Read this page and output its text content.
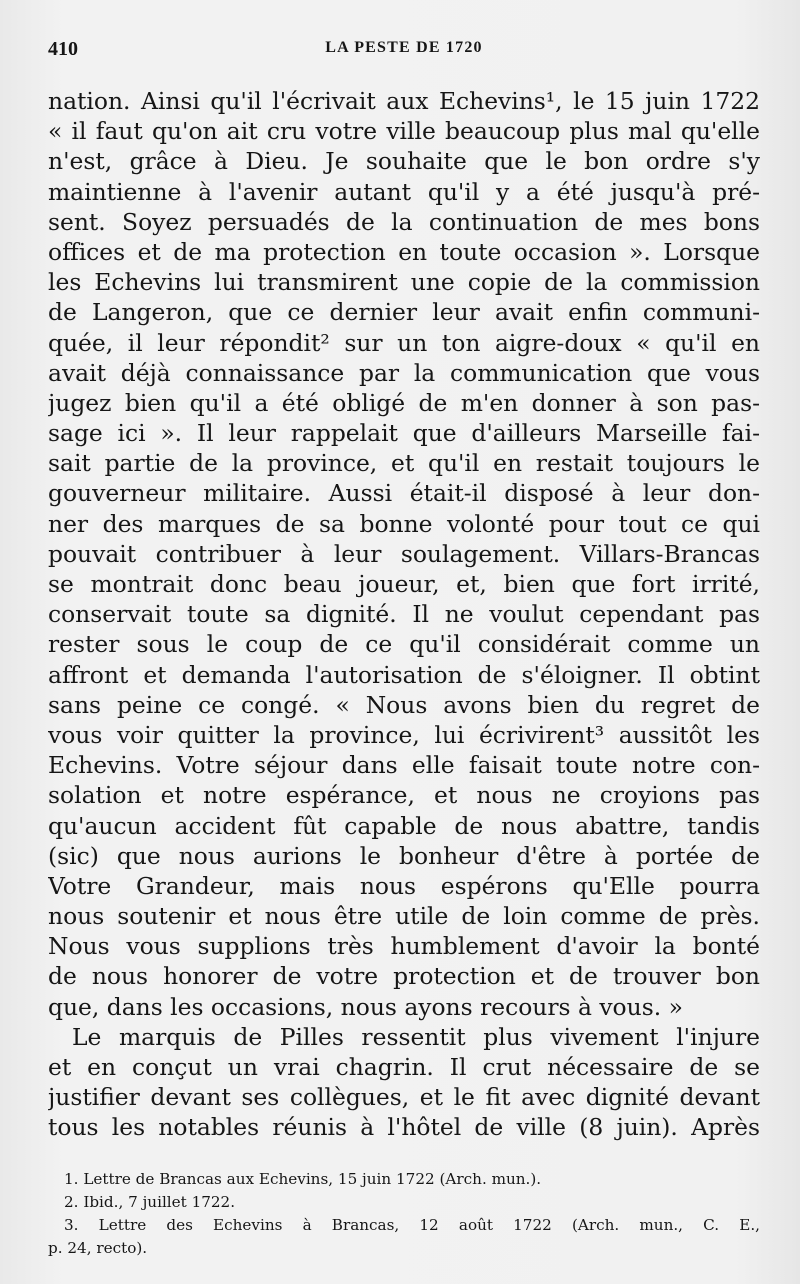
410	LA PESTE DE 1720
nation. Ainsi qu'il l'écrivait aux Echevins¹, le 15 juin 1722
« il faut qu'on ait cru votre ville beaucoup plus mal qu'elle
n'est, grâce à Dieu. Je souhaite que le bon ordre s'y
maintienne à l'avenir autant qu'il y a été jusqu'à pré-
sent. Soyez persuadés de la continuation de mes bons
offices et de ma protection en toute occasion ». Lorsque
les Echevins lui transmirent une copie de la commission
de Langeron, que ce dernier leur avait enfin communi-
quée, il leur répondit² sur un ton aigre-doux « qu'il en
avait déjà connaissance par la communication que vous
jugez bien qu'il a été obligé de m'en donner à son pas-
sage ici ». Il leur rappelait que d'ailleurs Marseille fai-
sait partie de la province, et qu'il en restait toujours le
gouverneur militaire. Aussi était-il disposé à leur don-
ner des marques de sa bonne volonté pour tout ce qui
pouvait contribuer à leur soulagement. Villars-Brancas
se montrait donc beau joueur, et, bien que fort irrité,
conservait toute sa dignité. Il ne voulut cependant pas
rester sous le coup de ce qu'il considérait comme un
affront et demanda l'autorisation de s'éloigner. Il obtint
sans peine ce congé. « Nous avons bien du regret de
vous voir quitter la province, lui écrivirent³ aussitôt les
Echevins. Votre séjour dans elle faisait toute notre con-
solation et notre espérance, et nous ne croyions pas
qu'aucun accident fût capable de nous abattre, tandis
(sic) que nous aurions le bonheur d'être à portée de
Votre Grandeur, mais nous espérons qu'Elle pourra
nous soutenir et nous être utile de loin comme de près.
Nous vous supplions très humblement d'avoir la bonté
de nous honorer de votre protection et de trouver bon
que, dans les occasions, nous ayons recours à vous. »
Le marquis de Pilles ressentit plus vivement l'injure
et en conçut un vrai chagrin. Il crut nécessaire de se
justifier devant ses collègues, et le fit avec dignité devant
tous les notables réunis à l'hôtel de ville (8 juin). Après
1. Lettre de Brancas aux Echevins, 15 juin 1722 (Arch. mun.).
2. Ibid., 7 juillet 1722.
3. Lettre des Echevins à Brancas, 12 août 1722 (Arch. mun., C. E.,
p. 24, recto).
